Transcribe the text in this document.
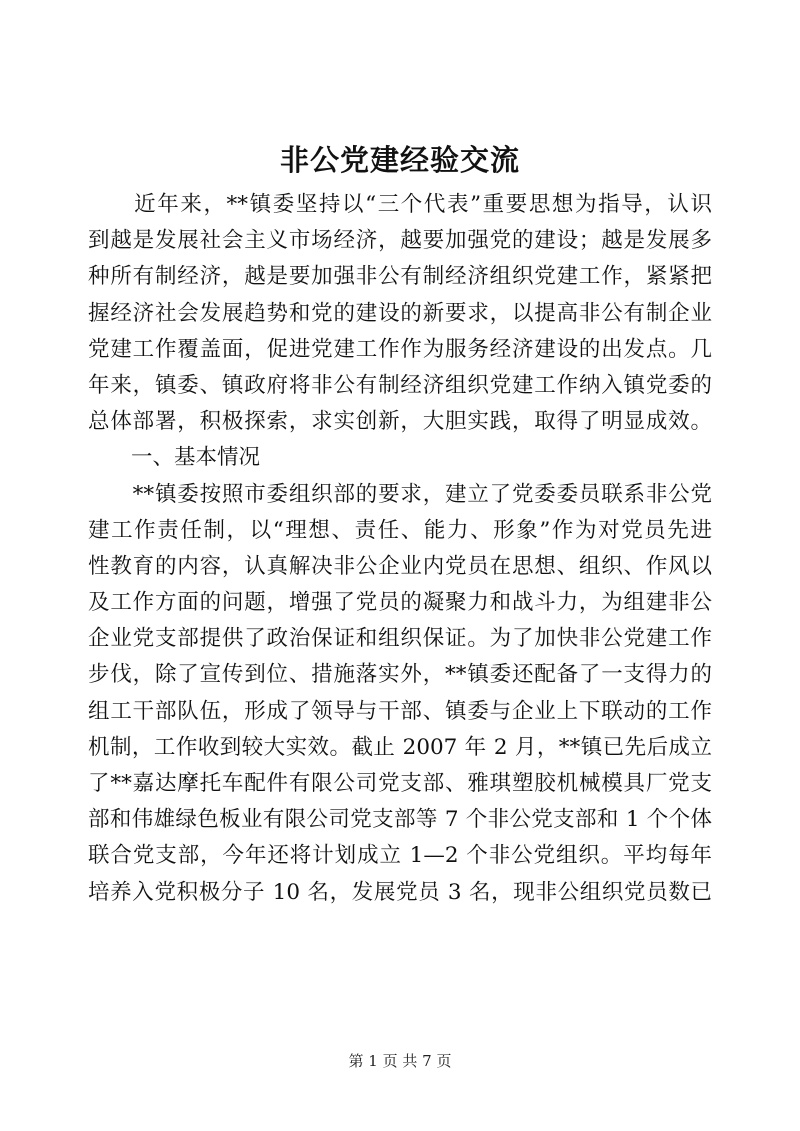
非公党建经验交流
　　近年来，**镇委坚持以“三个代表”重要思想为指导，认识
到越是发展社会主义市场经济，越要加强党的建设；越是发展多
种所有制经济，越是要加强非公有制经济组织党建工作，紧紧把
握经济社会发展趋势和党的建设的新要求，以提高非公有制企业
党建工作覆盖面，促进党建工作作为服务经济建设的出发点。几
年来，镇委、镇政府将非公有制经济组织党建工作纳入镇党委的
总体部署，积极探索，求实创新，大胆实践，取得了明显成效。
　　一、基本情况
　　**镇委按照市委组织部的要求，建立了党委委员联系非公党
建工作责任制，以“理想、责任、能力、形象”作为对党员先进
性教育的内容，认真解决非公企业内党员在思想、组织、作风以
及工作方面的问题，增强了党员的凝聚力和战斗力，为组建非公
企业党支部提供了政治保证和组织保证。为了加快非公党建工作
步伐，除了宣传到位、措施落实外，**镇委还配备了一支得力的
组工干部队伍，形成了领导与干部、镇委与企业上下联动的工作
机制，工作收到较大实效。截止 2007 年 2 月，**镇已先后成立
了**嘉达摩托车配件有限公司党支部、雅琪塑胶机械模具厂党支
部和伟雄绿色板业有限公司党支部等 7 个非公党支部和 1 个个体
联合党支部，今年还将计划成立 1—2 个非公党组织。平均每年
培养入党积极分子 10 名，发展党员 3 名，现非公组织党员数已
第 1 页 共 7 页
